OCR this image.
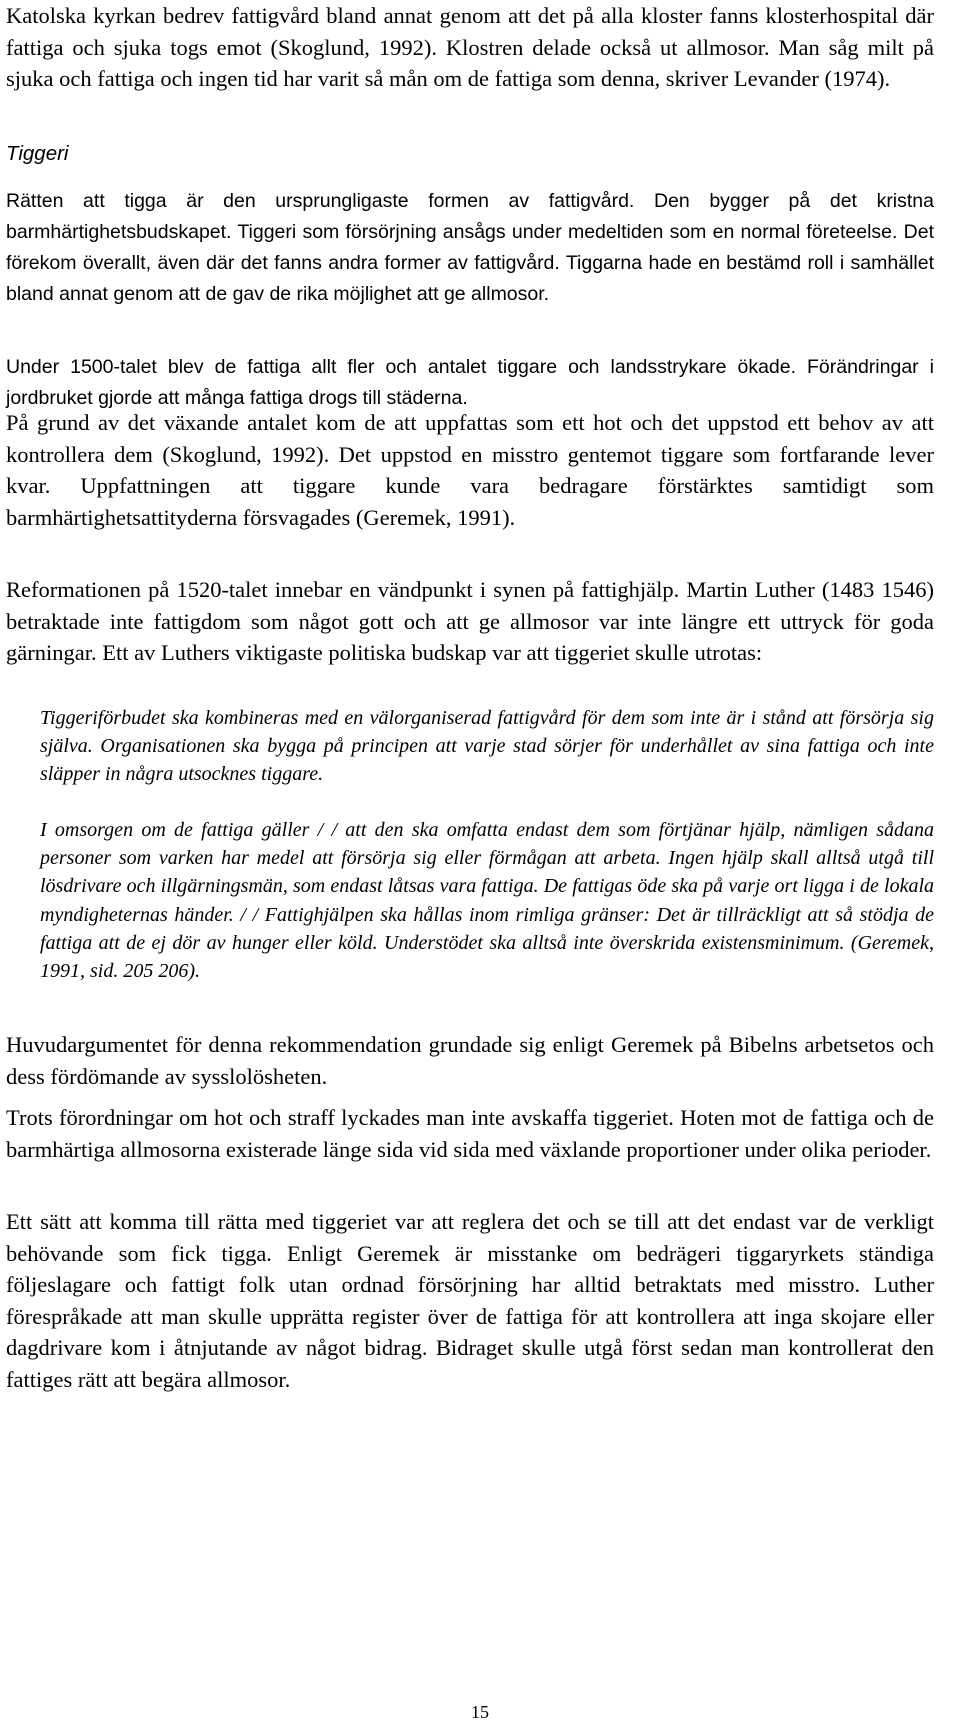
Katolska kyrkan bedrev fattigvård bland annat genom att det på alla kloster fanns klosterhospital där fattiga och sjuka togs emot (Skoglund, 1992). Klostren delade också ut allmosor. Man såg milt på sjuka och fattiga och ingen tid har varit så mån om de fattiga som denna, skriver Levander (1974).

Tiggeri

Rätten att tigga är den ursprungligaste formen av fattigvård. Den bygger på det kristna barmhärtighetsbudskapet. Tiggeri som försörjning ansågs under medeltiden som en normal företeelse. Det förekom överallt, även där det fanns andra former av fattigvård. Tiggarna hade en bestämd roll i samhället bland annat genom att de gav de rika möjlighet att ge allmosor.

Under 1500-talet blev de fattiga allt fler och antalet tiggare och landsstrykare ökade. Förändringar i jordbruket gjorde att många fattiga drogs till städerna.

På grund av det växande antalet kom de att uppfattas som ett hot och det uppstod ett behov av att kontrollera dem (Skoglund, 1992). Det uppstod en misstro gentemot tiggare som fortfarande lever kvar. Uppfattningen att tiggare kunde vara bedragare förstärktes samtidigt som barmhärtighetsattityderna försvagades (Geremek, 1991).

Reformationen på 1520-talet innebar en vändpunkt i synen på fattighjälp. Martin Luther (1483 1546) betraktade inte fattigdom som något gott och att ge allmosor var inte längre ett uttryck för goda gärningar. Ett av Luthers viktigaste politiska budskap var att tiggeriet skulle utrotas:

Tiggeriförbudet ska kombineras med en välorganiserad fattigvård för dem som inte är i stånd att försörja sig själva. Organisationen ska bygga på principen att varje stad sörjer för underhållet av sina fattiga och inte släpper in några utsocknes tiggare.

I omsorgen om de fattiga gäller / / att den ska omfatta endast dem som förtjänar hjälp, nämligen sådana personer som varken har medel att försörja sig eller förmågan att arbeta. Ingen hjälp skall alltså utgå till lösdrivare och illgärningsmän, som endast låtsas vara fattiga. De fattigas öde ska på varje ort ligga i de lokala myndigheternas händer. / / Fattighjälpen ska hållas inom rimliga gränser: Det är tillräckligt att så stödja de fattiga att de ej dör av hunger eller köld. Understödet ska alltså inte överskrida existensminimum. (Geremek, 1991, sid. 205 206).

Huvudargumentet för denna rekommendation grundade sig enligt Geremek på Bibelns arbetsetos och dess fördömande av sysslolösheten.

Trots förordningar om hot och straff lyckades man inte avskaffa tiggeriet. Hoten mot de fattiga och de barmhärtiga allmosorna existerade länge sida vid sida med växlande proportioner under olika perioder.

Ett sätt att komma till rätta med tiggeriet var att reglera det och se till att det endast var de verkligt behövande som fick tigga. Enligt Geremek är misstanke om bedrägeri tiggaryrkets ständiga följeslagare och fattigt folk utan ordnad försörjning har alltid betraktats med misstro. Luther förespråkade att man skulle upprätta register över de fattiga för att kontrollera att inga skojare eller dagdrivare kom i åtnjutande av något bidrag. Bidraget skulle utgå först sedan man kontrollerat den fattiges rätt att begära allmosor.

15
